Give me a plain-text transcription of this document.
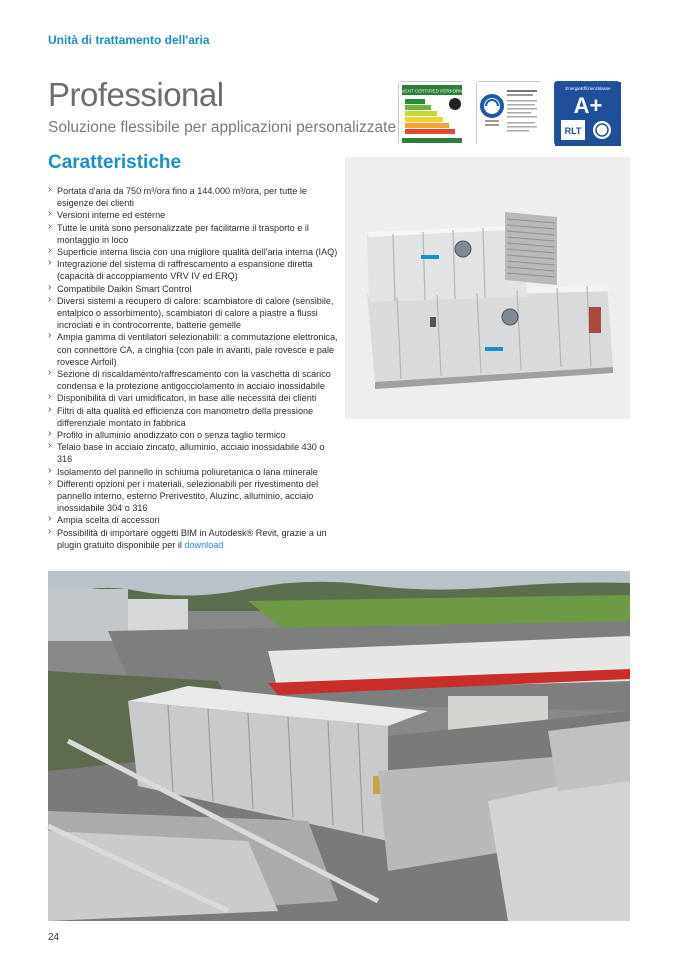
Unità di trattamento dell'aria
Professional
Soluzione flessibile per applicazioni personalizzate
EUROVENT CERTIFIED PERFORMANCE	EnergieEffizienzklasse
A+
RLT
Caratteristiche
› Portata d'aria da 750 m³/ora fino a 144.000 m³/ora, per tutte le esigenze dei clienti
› Versioni interne ed esterne
› Tutte le unità sono personalizzate per facilitarne il trasporto e il montaggio in loco
› Superficie interna liscia con una migliore qualità dell'aria interna (IAQ)
› Integrazione del sistema di raffrescamento a espansione diretta (capacità di accoppiamento VRV IV ed ERQ)
› Compatibile Daikin Smart Control
› Diversi sistemi a recupero di calore: scambiatore di calore (sensibile, entalpico o assorbimento), scambiatori di calore a piastre a flussi incrociati e in controcorrente, batterie gemelle
› Ampia gamma di ventilatori selezionabili: a commutazione elettronica, con connettore CA, a cinghia (con pale in avanti, pale rovesce e pale rovesce Airfoil)
› Sezione di riscaldamento/raffrescamento con la vaschetta di scarico condensa e la protezione antigocciolamento in acciaio inossidabile
› Disponibilità di vari umidificatori, in base alle necessità dei clienti
› Filtri di alta qualità ed efficienza con manometro della pressione differenziale montato in fabbrica
› Profilo in alluminio anodizzato con o senza taglio termico
› Telaio base in acciaio zincato, alluminio, acciaio inossidabile 430 o 316
› Isolamento del pannello in schiuma poliuretanica o lana minerale
› Differenti opzioni per i materiali, selezionabili per rivestimento del pannello interno, esterno Prerivestito, Aluzinc, alluminio, acciaio inossidabile 304 o 316
› Ampia scelta di accessori
› Possibilità di importare oggetti BIM in Autodesk® Revit, grazie a un plugin gratuito disponibile per il download
24
